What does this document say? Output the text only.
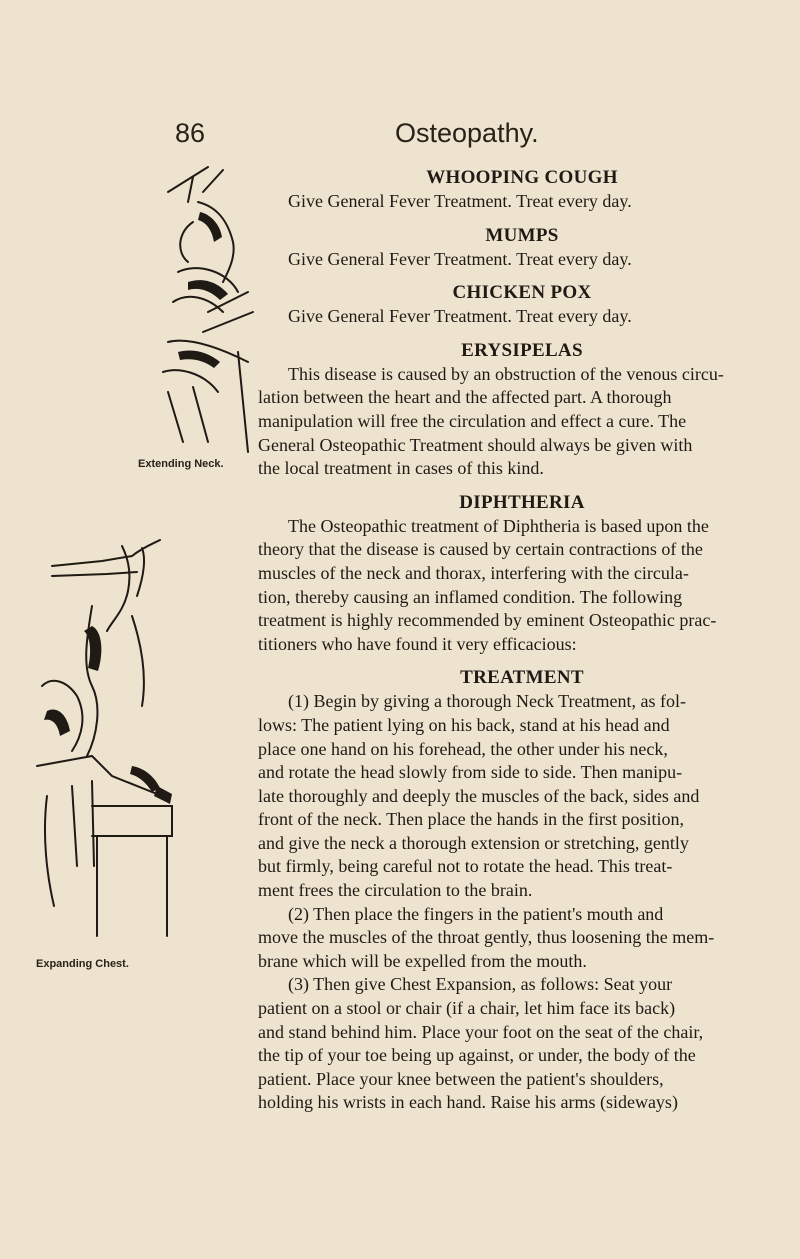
86	Osteopathy.
Extending Neck.
Expanding Chest.

WHOOPING COUGH

Give General Fever Treatment. Treat every day.

MUMPS

Give General Fever Treatment. Treat every day.

CHICKEN POX

Give General Fever Treatment. Treat every day.

ERYSIPELAS

This disease is caused by an obstruction of the venous circu-
lation between the heart and the affected part. A thorough
manipulation will free the circulation and effect a cure. The
General Osteopathic Treatment should always be given with
the local treatment in cases of this kind.

DIPHTHERIA

The Osteopathic treatment of Diphtheria is based upon the
theory that the disease is caused by certain contractions of the
muscles of the neck and thorax, interfering with the circula-
tion, thereby causing an inflamed condition. The following
treatment is highly recommended by eminent Osteopathic prac-
titioners who have found it very efficacious:

TREATMENT

(1) Begin by giving a thorough Neck Treatment, as fol-
lows: The patient lying on his back, stand at his head and
place one hand on his forehead, the other under his neck,
and rotate the head slowly from side to side. Then manipu-
late thoroughly and deeply the muscles of the back, sides and
front of the neck. Then place the hands in the first position,
and give the neck a thorough extension or stretching, gently
but firmly, being careful not to rotate the head. This treat-
ment frees the circulation to the brain.
(2) Then place the fingers in the patient's mouth and
move the muscles of the throat gently, thus loosening the mem-
brane which will be expelled from the mouth.
(3) Then give Chest Expansion, as follows: Seat your
patient on a stool or chair (if a chair, let him face its back)
and stand behind him. Place your foot on the seat of the chair,
the tip of your toe being up against, or under, the body of the
patient. Place your knee between the patient's shoulders,
holding his wrists in each hand. Raise his arms (sideways)
